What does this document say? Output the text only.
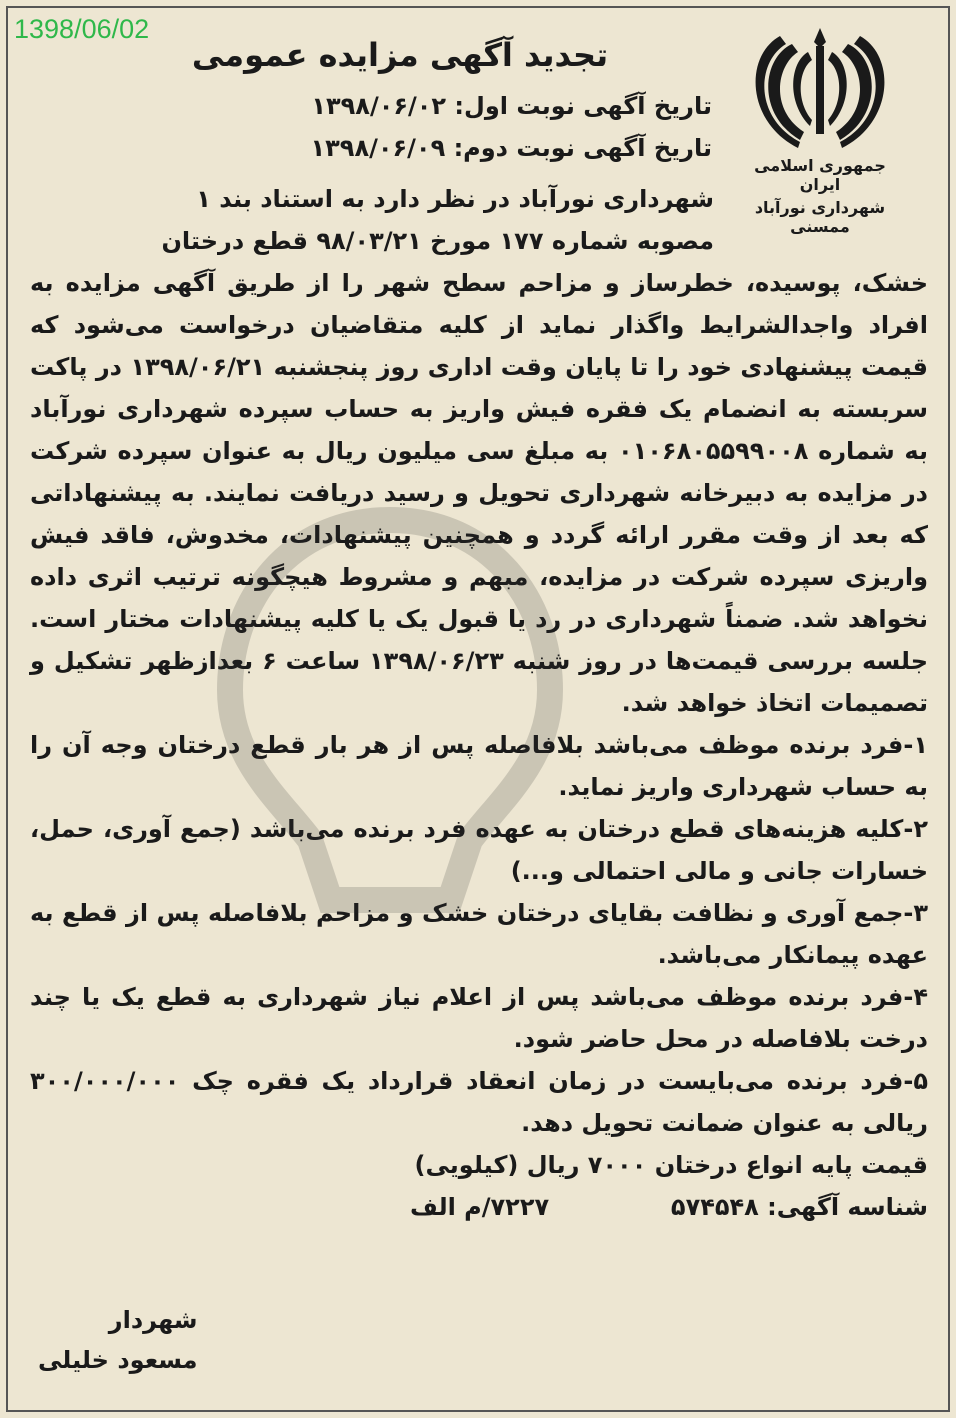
1398/06/02
جمهوری اسلامی ایران
شهرداری نورآباد ممسنی
تجدید آگهی مزایده عمومی
تاریخ آگهی نوبت اول: ۱۳۹۸/۰۶/۰۲
تاریخ آگهی نوبت دوم: ۱۳۹۸/۰۶/۰۹

شهرداری نورآباد در نظر دارد به استناد بند ۱

مصوبه شماره ۱۷۷ مورخ ۹۸/۰۳/۲۱ قطع درختان

خشک، پوسیده، خطرساز و مزاحم سطح شهر را از طریق آگهی مزایده به افراد واجدالشرایط واگذار نماید از کلیه متقاضیان درخواست می‌شود که قیمت پیشنهادی خود را تا پایان وقت اداری روز پنجشنبه ۱۳۹۸/۰۶/۲۱ در پاکت سربسته به انضمام یک فقره فیش واریز به حساب سپرده شهرداری نورآباد به شماره ۰۱۰۶۸۰۵۵۹۹۰۰۸ به مبلغ سی میلیون ریال به عنوان سپرده شرکت در مزایده به دبیرخانه شهرداری تحویل و رسید دریافت نمایند. به پیشنهاداتی که بعد از وقت مقرر ارائه گردد و همچنین پیشنهادات، مخدوش، فاقد فیش واریزی سپرده شرکت در مزایده، مبهم و مشروط هیچگونه ترتیب اثری داده نخواهد شد. ضمناً شهرداری در رد یا قبول یک یا کلیه پیشنهادات مختار است. جلسه بررسی قیمت‌ها در روز شنبه ۱۳۹۸/۰۶/۲۳ ساعت ۶ بعدازظهر تشکیل و تصمیمات اتخاذ خواهد شد.

۱-فرد برنده موظف می‌باشد بلافاصله پس از هر بار قطع درختان وجه آن را به حساب شهرداری واریز نماید.
۲-کلیه هزینه‌های قطع درختان به عهده فرد برنده می‌باشد (جمع آوری، حمل، خسارات جانی و مالی احتمالی و...)
۳-جمع آوری و نظافت بقایای درختان خشک و مزاحم بلافاصله پس از قطع به عهده پیمانکار می‌باشد.
۴-فرد برنده موظف می‌باشد پس از اعلام نیاز شهرداری به قطع یک یا چند درخت بلافاصله در محل حاضر شود.
۵-فرد برنده می‌بایست در زمان انعقاد قرارداد یک فقره چک ۳۰۰/۰۰۰/۰۰۰ ریالی به عنوان ضمانت تحویل دهد.

قیمت پایه انواع درختان ۷۰۰۰ ریال (کیلویی)

شناسه آگهی: ۵۷۴۵۴۸
۷۲۲۷/م الف
شهردار
مسعود خلیلی
